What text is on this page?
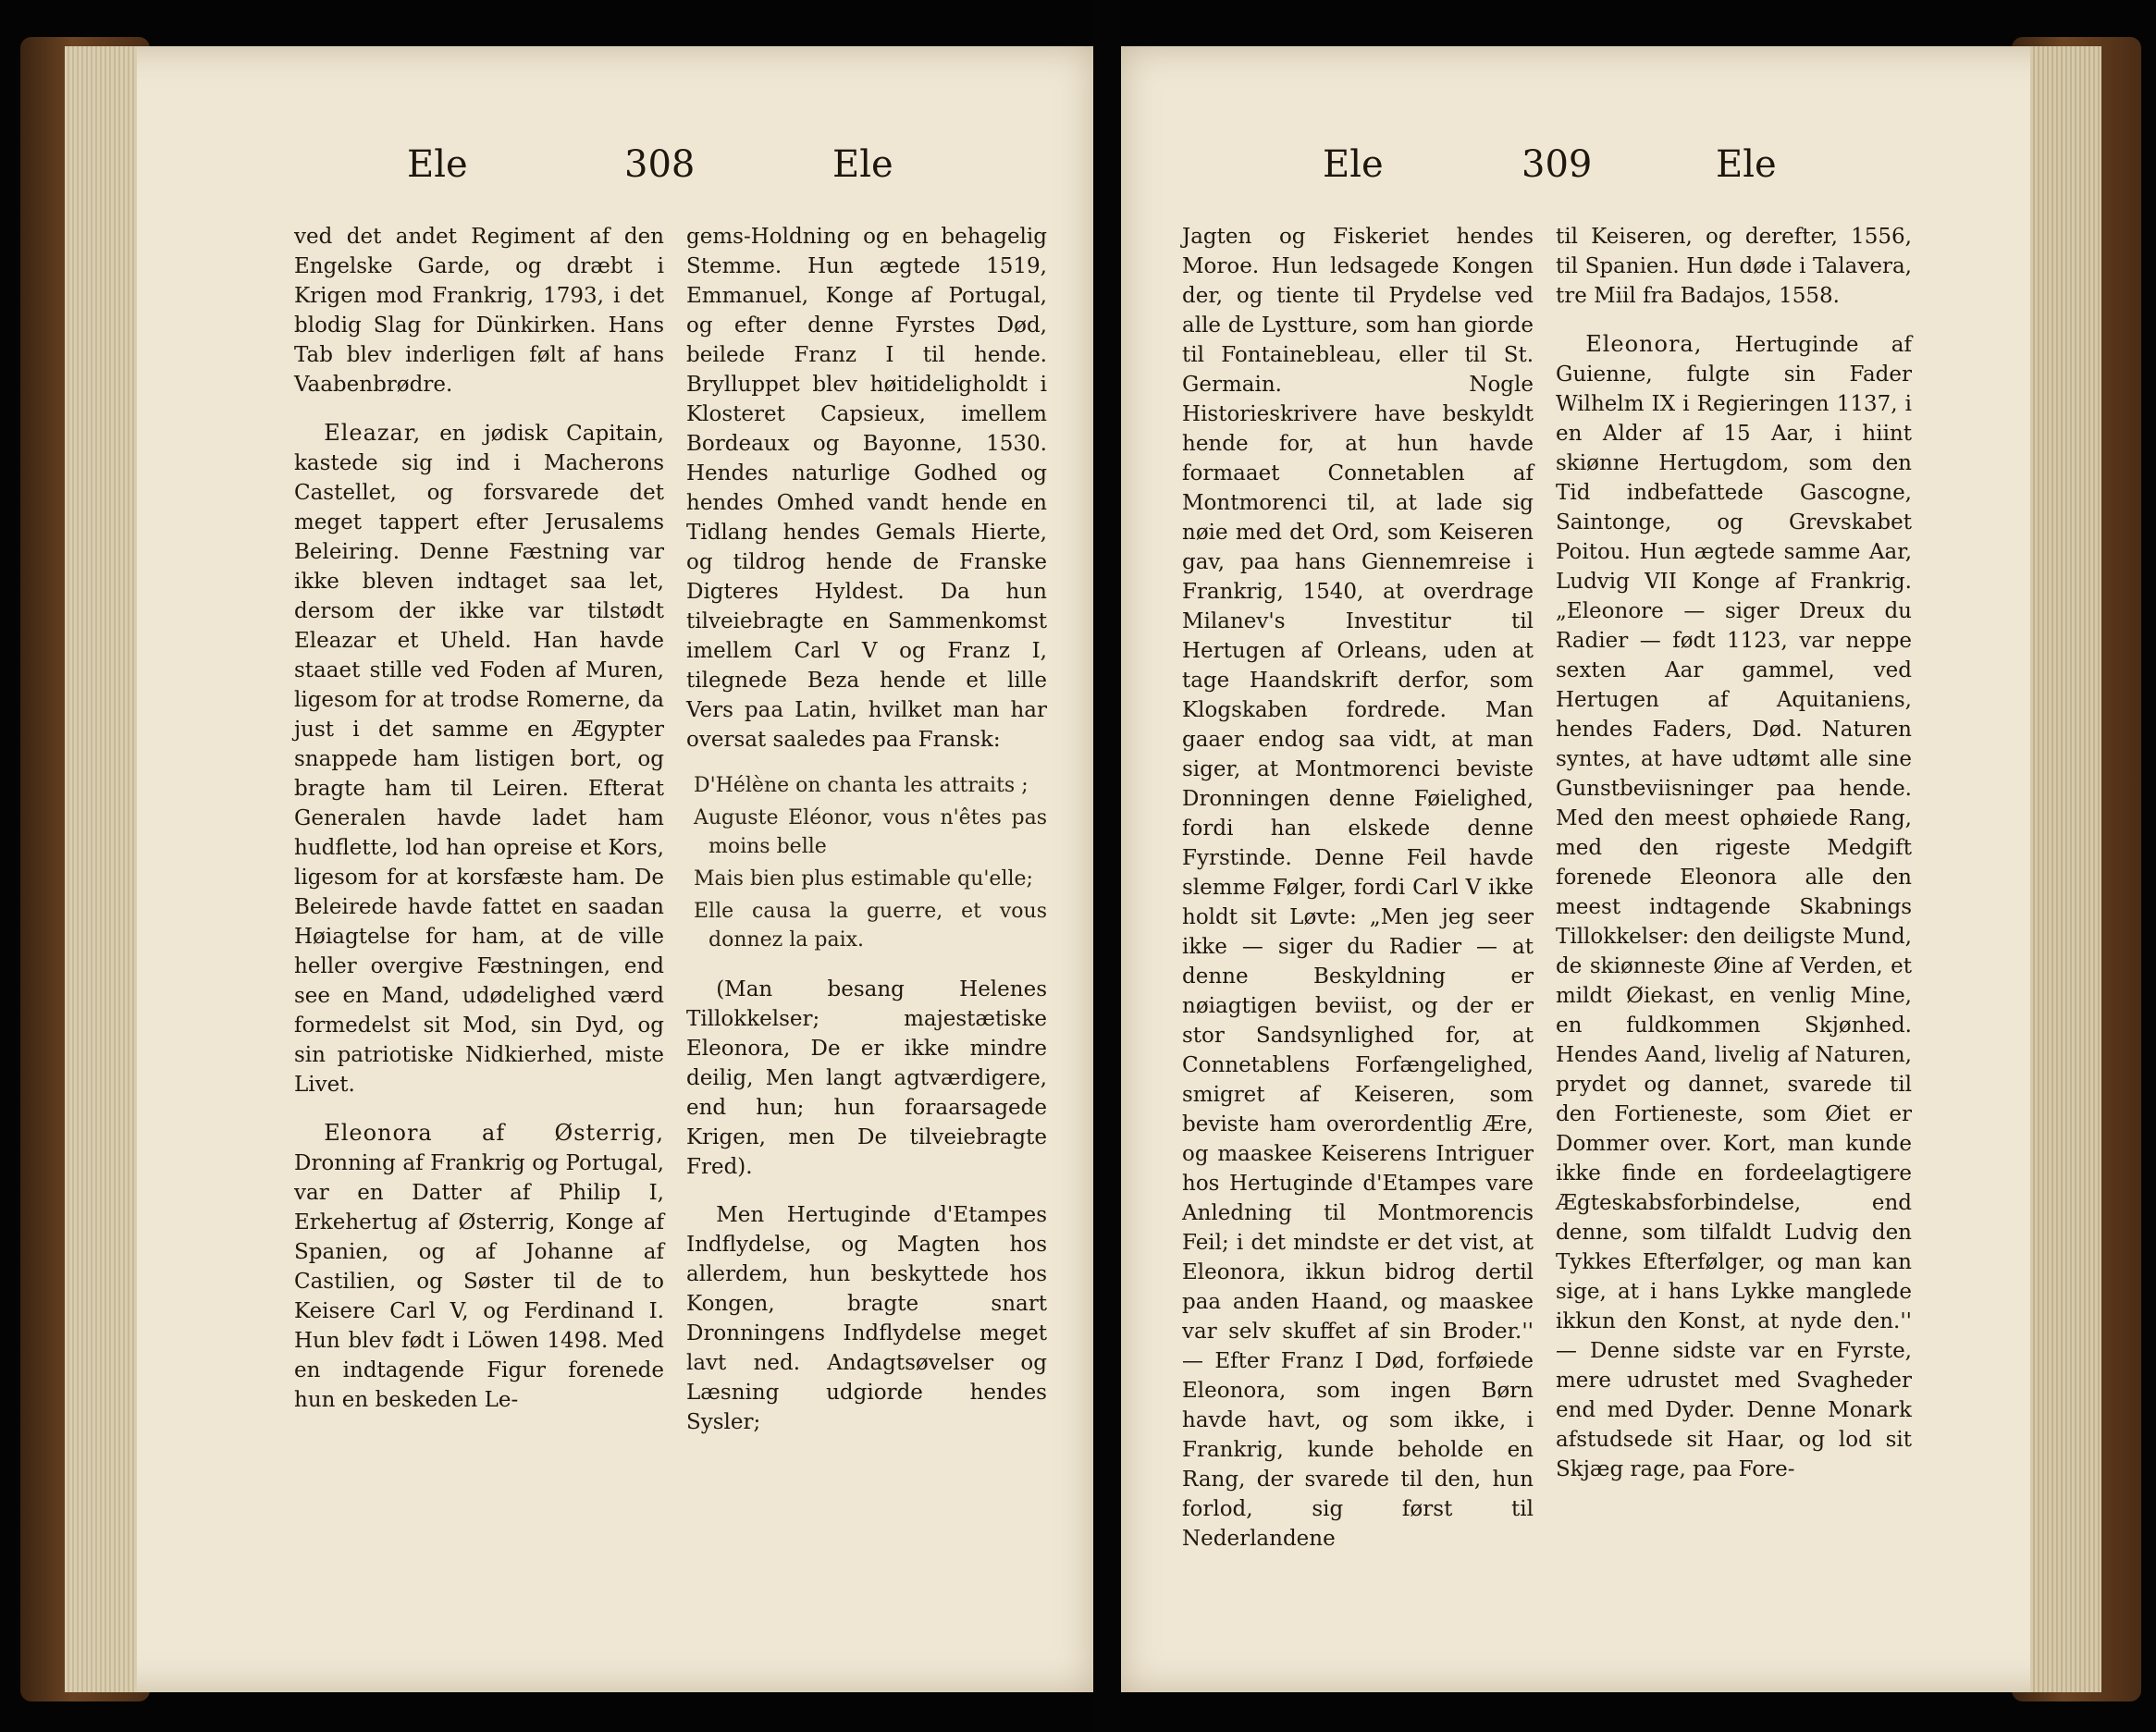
Ele	308	Ele

ved det andet Regiment af den Engelske Garde, og dræbt i Krigen mod Frankrig, 1793, i det blodig Slag for Dünkirken. Hans Tab blev inderligen følt af hans Vaabenbrødre.

Eleazar, en jødisk Capitain, kastede sig ind i Macherons Castellet, og forsvarede det meget tappert efter Jerusalems Beleiring. Denne Fæstning var ikke bleven indtaget saa let, dersom der ikke var tilstødt Eleazar et Uheld. Han havde staaet stille ved Foden af Muren, ligesom for at trodse Romerne, da just i det samme en Ægypter snappede ham listigen bort, og bragte ham til Leiren. Efterat Generalen havde ladet ham hudflette, lod han opreise et Kors, ligesom for at korsfæste ham. De Beleirede havde fattet en saadan Høiagtelse for ham, at de ville heller overgive Fæstningen, end see en Mand, udødelighed værd formedelst sit Mod, sin Dyd, og sin patriotiske Nidkierhed, miste Livet.

Eleonora af Østerrig, Dronning af Frankrig og Portugal, var en Datter af Philip I, Erkehertug af Østerrig, Konge af Spanien, og af Johanne af Castilien, og Søster til de to Keisere Carl V, og Ferdinand I. Hun blev født i Löwen 1498. Med en indtagende Figur forenede hun en beskeden Le-

gems-Holdning og en behagelig Stemme. Hun ægtede 1519, Emmanuel, Konge af Portugal, og efter denne Fyrstes Død, beilede Franz I til hende. Brylluppet blev høitideligholdt i Klosteret Capsieux, imellem Bordeaux og Bayonne, 1530. Hendes naturlige Godhed og hendes Omhed vandt hende en Tidlang hendes Gemals Hierte, og tildrog hende de Franske Digteres Hyldest. Da hun tilveiebragte en Sammenkomst imellem Carl V og Franz I, tilegnede Beza hende et lille Vers paa Latin, hvilket man har oversat saaledes paa Fransk:

D'Hélène on chanta les attraits ;
Auguste Eléonor, vous n'êtes pas moins belle
Mais bien plus estimable qu'elle;
Elle causa la guerre, et vous donnez la paix.

(Man besang Helenes Tillokkelser; majestætiske Eleonora, De er ikke mindre deilig, Men langt agtværdigere, end hun; hun foraarsagede Krigen, men De tilveiebragte Fred).

Men Hertuginde d'Etampes Indflydelse, og Magten hos allerdem, hun beskyttede hos Kongen, bragte snart Dronningens Indflydelse meget lavt ned. Andagtsøvelser og Læsning udgiorde hendes Sysler;

Ele	309	Ele

Jagten og Fiskeriet hendes Moroe. Hun ledsagede Kongen der, og tiente til Prydelse ved alle de Lystture, som han giorde til Fontainebleau, eller til St. Germain. Nogle Historieskrivere have beskyldt hende for, at hun havde formaaet Connetablen af Montmorenci til, at lade sig nøie med det Ord, som Keiseren gav, paa hans Giennemreise i Frankrig, 1540, at overdrage Milanev's Investitur til Hertugen af Orleans, uden at tage Haandskrift derfor, som Klogskaben fordrede. Man gaaer endog saa vidt, at man siger, at Montmorenci beviste Dronningen denne Føielighed, fordi han elskede denne Fyrstinde. Denne Feil havde slemme Følger, fordi Carl V ikke holdt sit Løvte: „Men jeg seer ikke — siger du Radier — at denne Beskyldning er nøiagtigen beviist, og der er stor Sandsynlighed for, at Connetablens Forfængelighed, smigret af Keiseren, som beviste ham overordentlig Ære, og maaskee Keiserens Intriguer hos Hertuginde d'Etampes vare Anledning til Montmorencis Feil; i det mindste er det vist, at Eleonora, ikkun bidrog dertil paa anden Haand, og maaskee var selv skuffet af sin Broder.'' — Efter Franz I Død, forføiede Eleonora, som ingen Børn havde havt, og som ikke, i Frankrig, kunde beholde en Rang, der svarede til den, hun forlod, sig først til Nederlandene

til Keiseren, og derefter, 1556, til Spanien. Hun døde i Talavera, tre Miil fra Badajos, 1558.

Eleonora, Hertuginde af Guienne, fulgte sin Fader Wilhelm IX i Regieringen 1137, i en Alder af 15 Aar, i hiint skiønne Hertugdom, som den Tid indbefattede Gascogne, Saintonge, og Grevskabet Poitou. Hun ægtede samme Aar, Ludvig VII Konge af Frankrig. „Eleonore — siger Dreux du Radier — født 1123, var neppe sexten Aar gammel, ved Hertugen af Aquitaniens, hendes Faders, Død. Naturen syntes, at have udtømt alle sine Gunstbeviisninger paa hende. Med den meest ophøiede Rang, med den rigeste Medgift forenede Eleonora alle den meest indtagende Skabnings Tillokkelser: den deiligste Mund, de skiønneste Øine af Verden, et mildt Øiekast, en venlig Mine, en fuldkommen Skjønhed. Hendes Aand, livelig af Naturen, prydet og dannet, svarede til den Fortieneste, som Øiet er Dommer over. Kort, man kunde ikke finde en fordeelagtigere Ægteskabsforbindelse, end denne, som tilfaldt Ludvig den Tykkes Efterfølger, og man kan sige, at i hans Lykke manglede ikkun den Konst, at nyde den.'' — Denne sidste var en Fyrste, mere udrustet med Svagheder end med Dyder. Denne Monark afstudsede sit Haar, og lod sit Skjæg rage, paa Fore-
